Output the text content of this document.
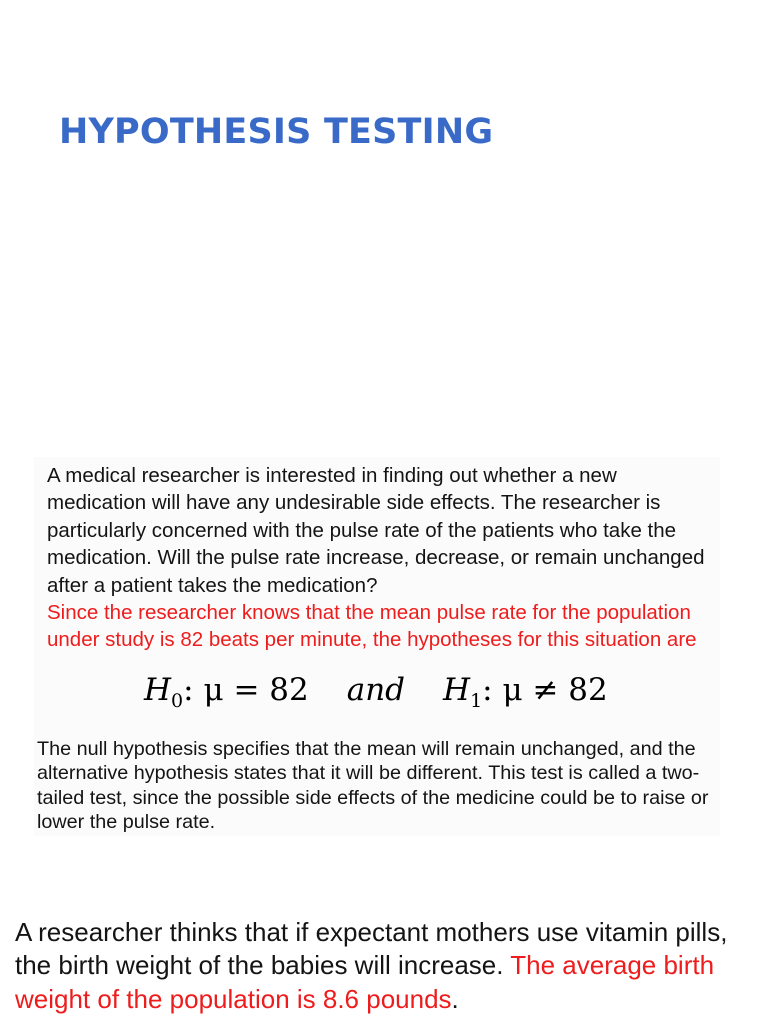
HYPOTHESIS TESTING

A medical researcher is interested in finding out whether a new medication will have any undesirable side effects. The researcher is particularly concerned with the pulse rate of the patients who take the medication. Will the pulse rate increase, decrease, or remain unchanged after a patient takes the medication?
Since the researcher knows that the mean pulse rate for the population under study is 82 beats per minute, the hypotheses for this situation are

$H_0$: μ = 82 and $H_1$: μ ≠ 82

The null hypothesis specifies that the mean will remain unchanged, and the alternative hypothesis states that it will be different. This test is called a two-tailed test, since the possible side effects of the medicine could be to raise or lower the pulse rate.

A researcher thinks that if expectant mothers use vitamin pills, the birth weight of the babies will increase. The average birth weight of the population is 8.6 pounds.
